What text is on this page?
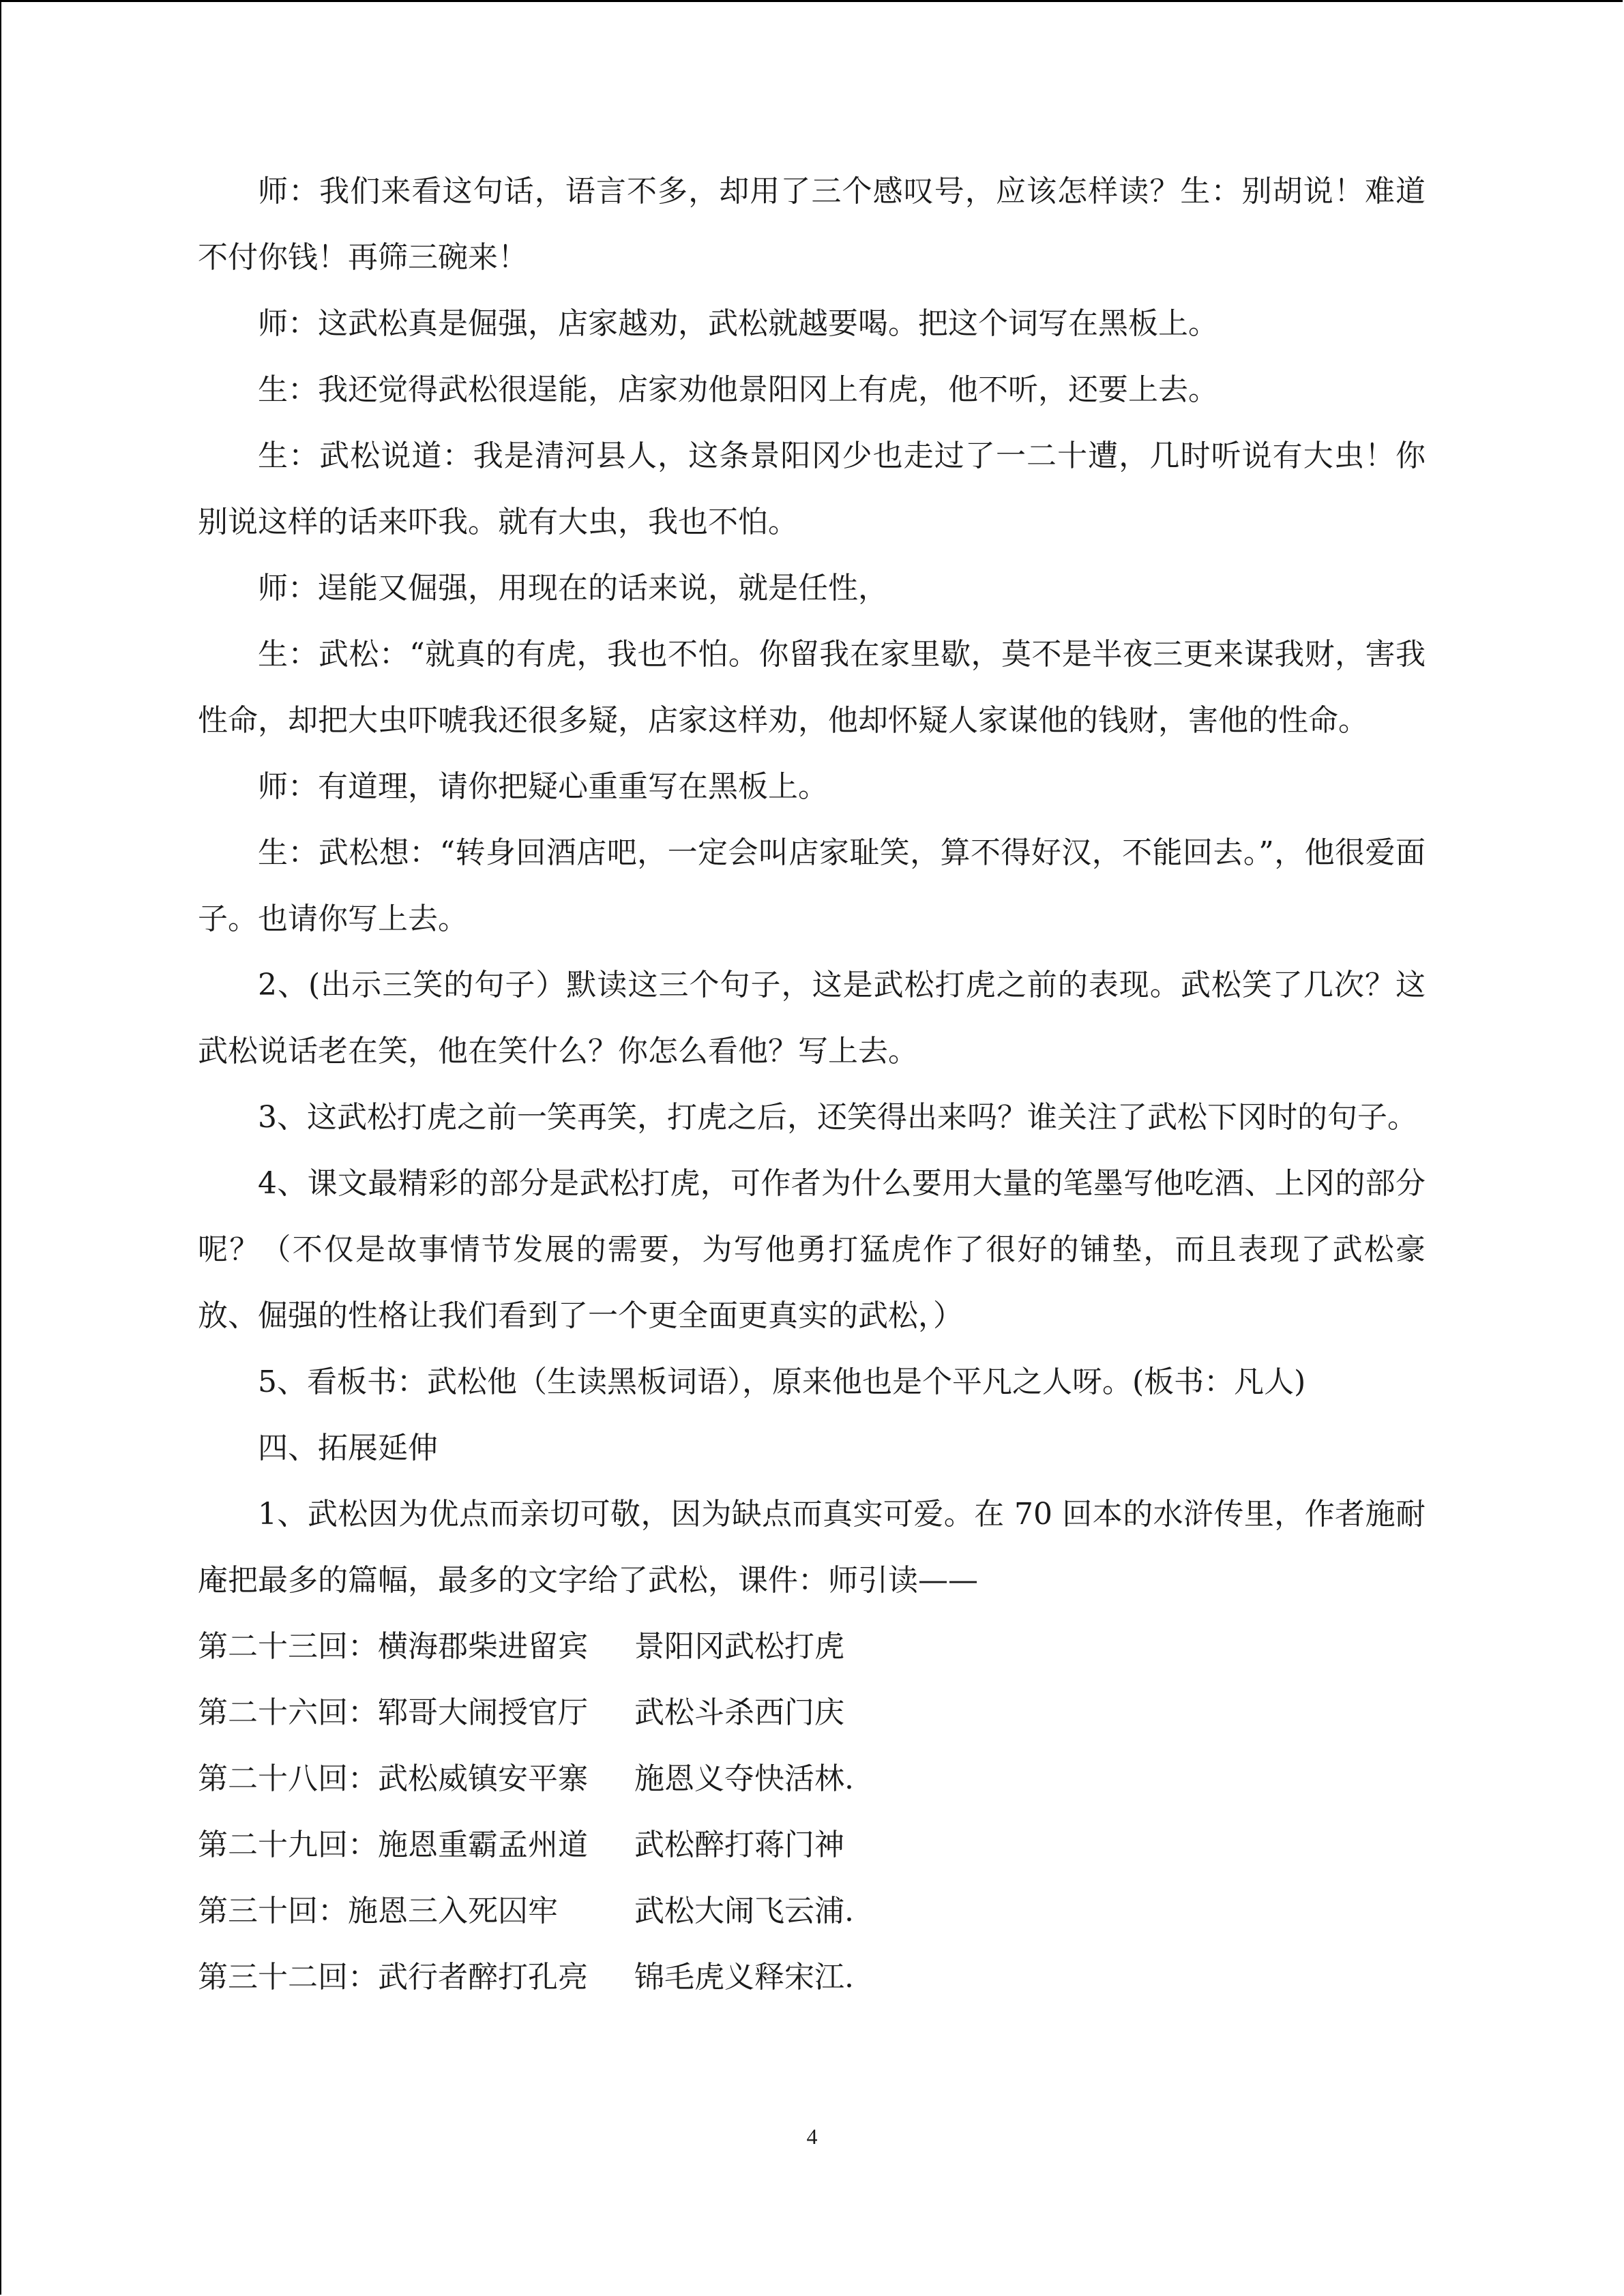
师：我们来看这句话，语言不多，却用了三个感叹号，应该怎样读？生：别胡说！难道不付你钱！再筛三碗来！

师：这武松真是倔强，店家越劝，武松就越要喝。把这个词写在黑板上。

生：我还觉得武松很逞能，店家劝他景阳冈上有虎，他不听，还要上去。

生：武松说道：我是清河县人，这条景阳冈少也走过了一二十遭，几时听说有大虫！你别说这样的话来吓我。就有大虫，我也不怕。

师：逞能又倔强，用现在的话来说，就是任性，

生：武松：“就真的有虎，我也不怕。你留我在家里歇，莫不是半夜三更来谋我财，害我性命，却把大虫吓唬我还很多疑，店家这样劝，他却怀疑人家谋他的钱财，害他的性命。

师：有道理，请你把疑心重重写在黑板上。

生：武松想：“转身回酒店吧，一定会叫店家耻笑，算不得好汉，不能回去。”，他很爱面子。也请你写上去。

2、(出示三笑的句子）默读这三个句子，这是武松打虎之前的表现。武松笑了几次？这武松说话老在笑，他在笑什么？你怎么看他？写上去。

3、这武松打虎之前一笑再笑，打虎之后，还笑得出来吗？谁关注了武松下冈时的句子。

4、课文最精彩的部分是武松打虎，可作者为什么要用大量的笔墨写他吃酒、上冈的部分呢？（不仅是故事情节发展的需要，为写他勇打猛虎作了很好的铺垫，而且表现了武松豪放、倔强的性格让我们看到了一个更全面更真实的武松，）

5、看板书：武松他（生读黑板词语），原来他也是个平凡之人呀。(板书：凡人)

四、拓展延伸

1、武松因为优点而亲切可敬，因为缺点而真实可爱。在 70 回本的水浒传里，作者施耐庵把最多的篇幅，最多的文字给了武松，课件：师引读——

第二十三回：横海郡柴进留宾	景阳冈武松打虎
第二十六回：郓哥大闹授官厅	武松斗杀西门庆
第二十八回：武松威镇安平寨	施恩义夺快活林.
第二十九回：施恩重霸孟州道	武松醉打蒋门神
第三十回：施恩三入死囚牢	武松大闹飞云浦.
第三十二回：武行者醉打孔亮	锦毛虎义释宋江.
4
